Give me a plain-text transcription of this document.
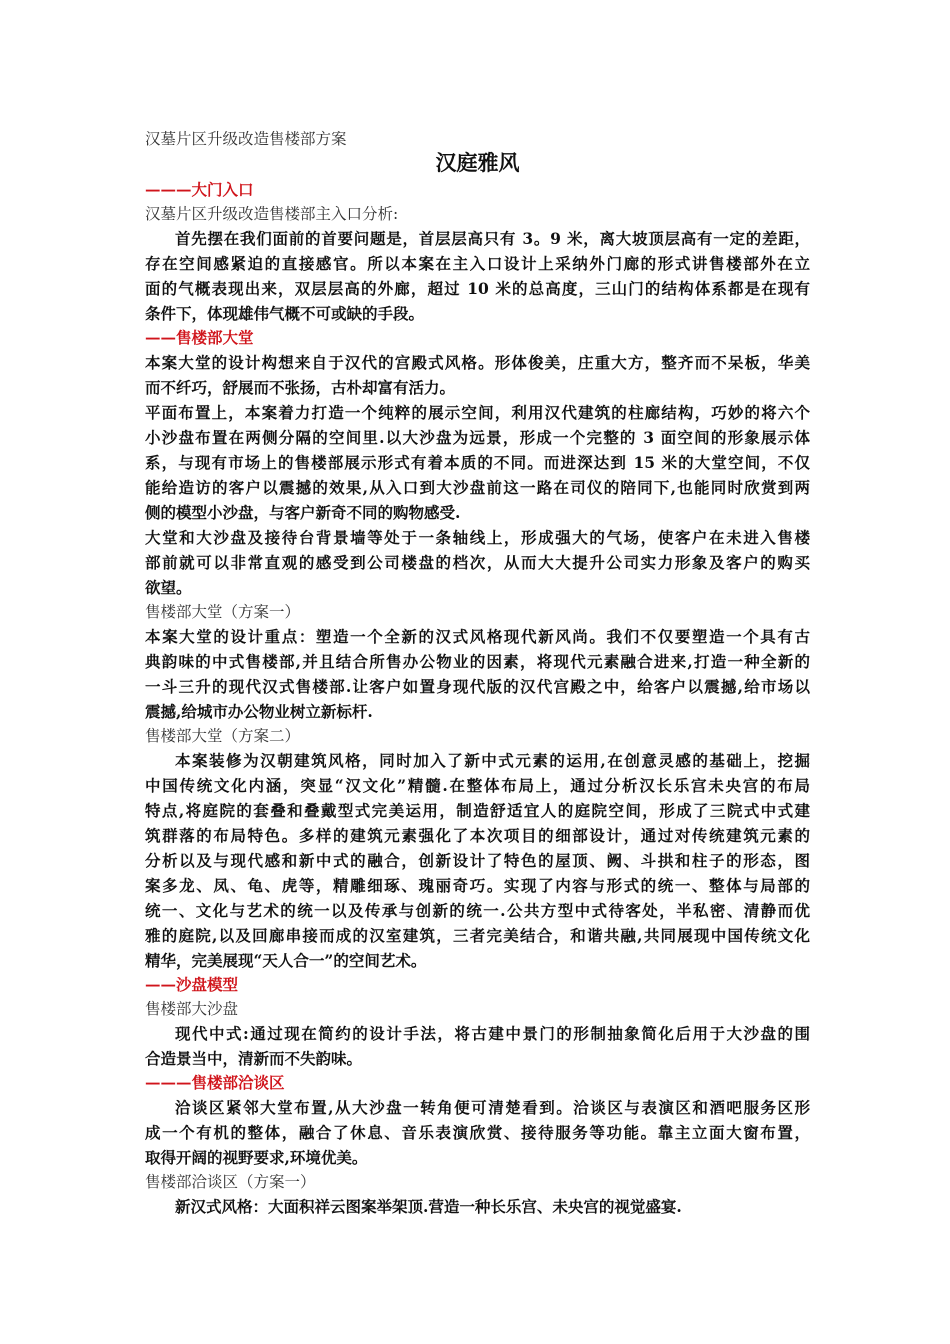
汉墓片区升级改造售楼部方案
汉庭雅风
———大门入口
汉墓片区升级改造售楼部主入口分析:
首先摆在我们面前的首要问题是，首层层高只有 3。9 米，离大坡顶层高有一定的差距，
存在空间感紧迫的直接感官。所以本案在主入口设计上采纳外门廊的形式讲售楼部外在立
面的气概表现出来，双层层高的外廊，超过 10 米的总高度，三山门的结构体系都是在现有
条件下，体现雄伟气概不可或缺的手段。
——售楼部大堂
本案大堂的设计构想来自于汉代的宫殿式风格。形体俊美，庄重大方，整齐而不呆板，华美
而不纤巧，舒展而不张扬，古朴却富有活力。
平面布置上，本案着力打造一个纯粹的展示空间，利用汉代建筑的柱廊结构，巧妙的将六个
小沙盘布置在两侧分隔的空间里.以大沙盘为远景，形成一个完整的 3 面空间的形象展示体
系，与现有市场上的售楼部展示形式有着本质的不同。而进深达到 15 米的大堂空间，不仅
能给造访的客户以震撼的效果,从入口到大沙盘前这一路在司仪的陪同下,也能同时欣赏到两
侧的模型小沙盘，与客户新奇不同的购物感受.
大堂和大沙盘及接待台背景墙等处于一条轴线上，形成强大的气场，使客户在未进入售楼
部前就可以非常直观的感受到公司楼盘的档次，从而大大提升公司实力形象及客户的购买
欲望。
售楼部大堂（方案一）
本案大堂的设计重点：塑造一个全新的汉式风格现代新风尚。我们不仅要塑造一个具有古
典韵味的中式售楼部,并且结合所售办公物业的因素，将现代元素融合进来,打造一种全新的
一斗三升的现代汉式售楼部.让客户如置身现代版的汉代宫殿之中，给客户以震撼,给市场以
震撼,给城市办公物业树立新标杆.
售楼部大堂（方案二）
本案装修为汉朝建筑风格，同时加入了新中式元素的运用,在创意灵感的基础上，挖掘
中国传统文化内涵，突显“汉文化”精髓.在整体布局上，通过分析汉长乐宫未央宫的布局
特点,将庭院的套叠和叠戴型式完美运用，制造舒适宜人的庭院空间，形成了三院式中式建
筑群落的布局特色。多样的建筑元素强化了本次项目的细部设计，通过对传统建筑元素的
分析以及与现代感和新中式的融合，创新设计了特色的屋顶、阙、斗拱和柱子的形态，图
案多龙、凤、龟、虎等，精雕细琢、瑰丽奇巧。实现了内容与形式的统一、整体与局部的
统一、文化与艺术的统一以及传承与创新的统一.公共方型中式待客处，半私密、清静而优
雅的庭院,以及回廊串接而成的汉室建筑，三者完美结合，和谐共融,共同展现中国传统文化
精华，完美展现“天人合一”的空间艺术。
——沙盘模型
售楼部大沙盘
现代中式:通过现在简约的设计手法，将古建中景门的形制抽象简化后用于大沙盘的围
合造景当中，清新而不失韵味。
———售楼部洽谈区
洽谈区紧邻大堂布置,从大沙盘一转角便可清楚看到。洽谈区与表演区和酒吧服务区形
成一个有机的整体，融合了休息、音乐表演欣赏、接待服务等功能。靠主立面大窗布置，
取得开阔的视野要求,环境优美。
售楼部洽谈区（方案一）
新汉式风格：大面积祥云图案举架顶.营造一种长乐宫、未央宫的视觉盛宴.
